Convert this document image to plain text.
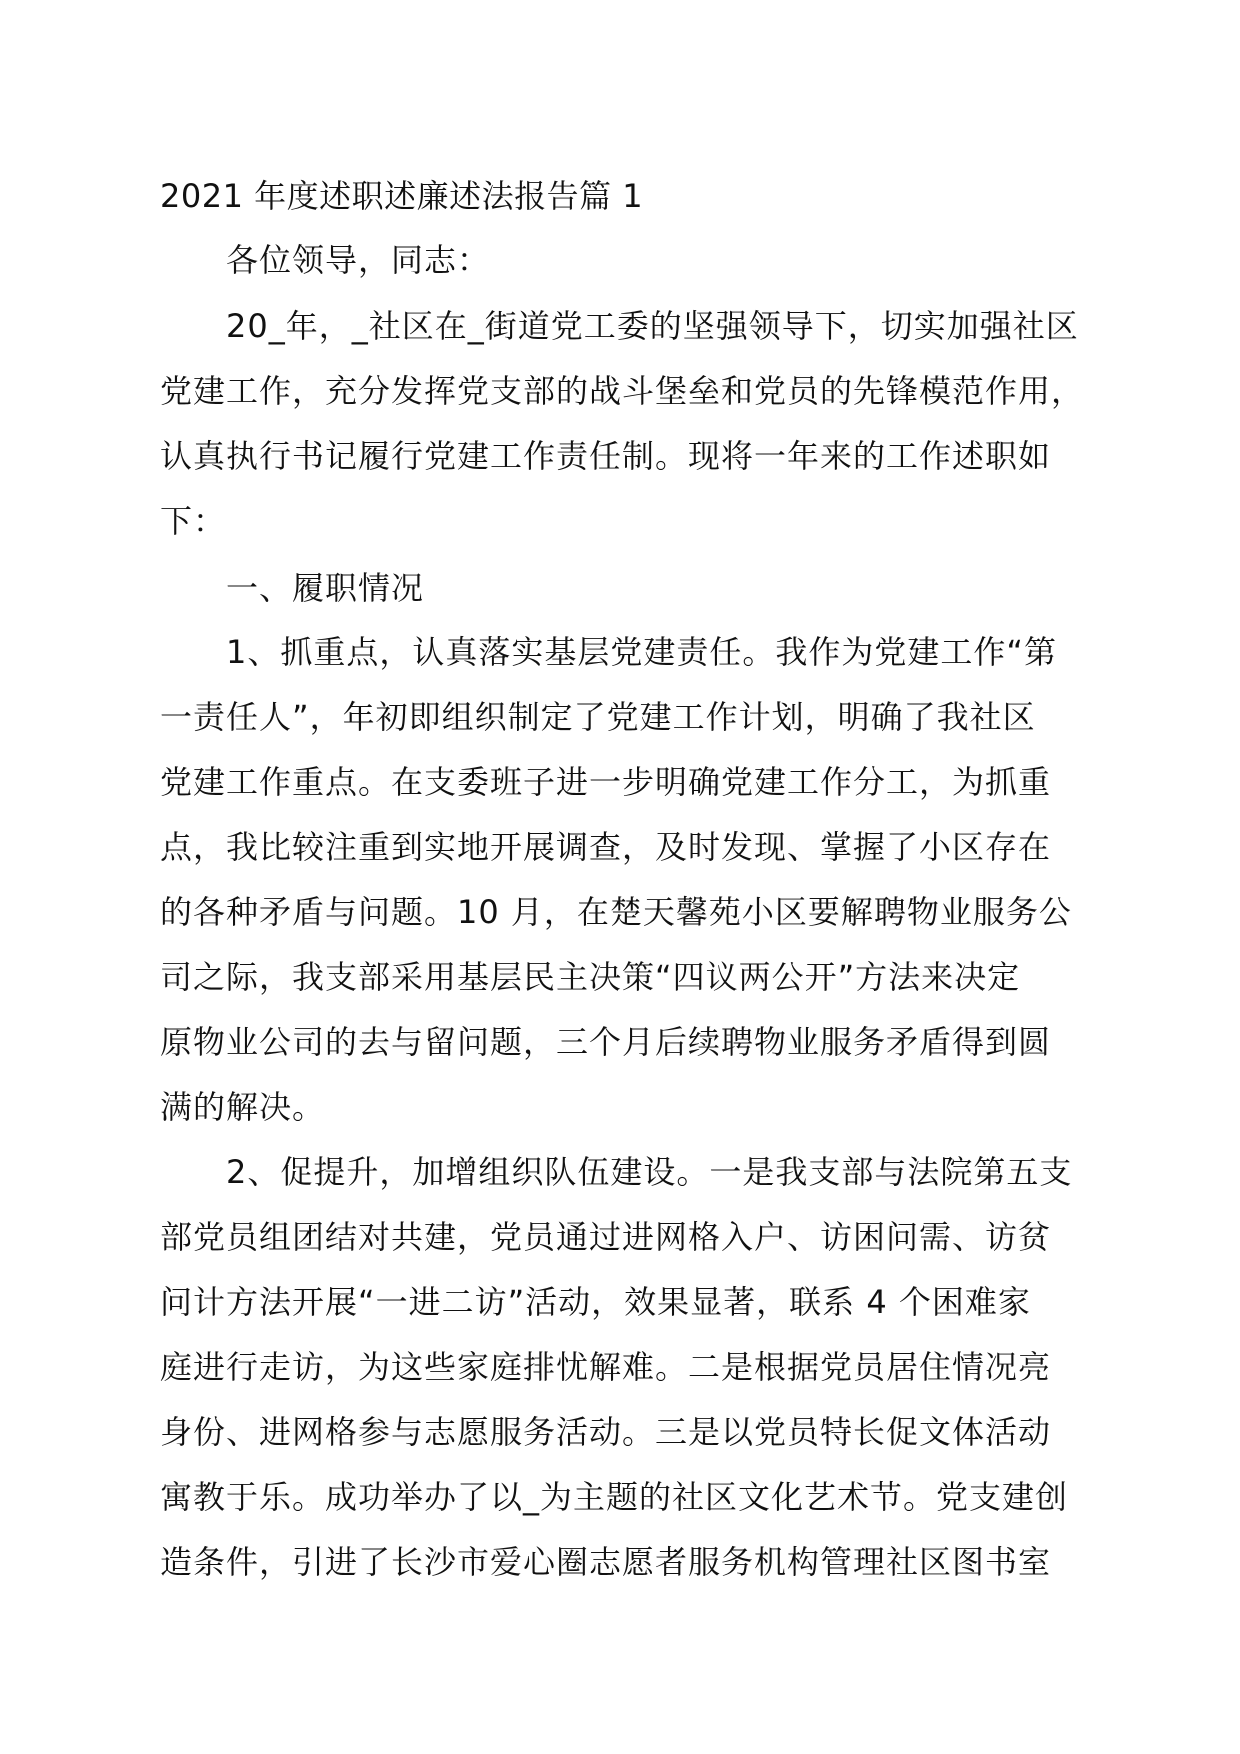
2021 年度述职述廉述法报告篇 1
各位领导，同志：
20_年，_社区在_街道党工委的坚强领导下，切实加强社区
党建工作，充分发挥党支部的战斗堡垒和党员的先锋模范作用，
认真执行书记履行党建工作责任制。现将一年来的工作述职如
下：
一、履职情况
1、抓重点，认真落实基层党建责任。我作为党建工作“第
一责任人”，年初即组织制定了党建工作计划，明确了我社区
党建工作重点。在支委班子进一步明确党建工作分工，为抓重
点，我比较注重到实地开展调查，及时发现、掌握了小区存在
的各种矛盾与问题。10 月，在楚天馨苑小区要解聘物业服务公
司之际，我支部采用基层民主决策“四议两公开”方法来决定
原物业公司的去与留问题，三个月后续聘物业服务矛盾得到圆
满的解决。
2、促提升，加增组织队伍建设。一是我支部与法院第五支
部党员组团结对共建，党员通过进网格入户、访困问需、访贫
问计方法开展“一进二访”活动，效果显著，联系 4 个困难家
庭进行走访，为这些家庭排忧解难。二是根据党员居住情况亮
身份、进网格参与志愿服务活动。三是以党员特长促文体活动
寓教于乐。成功举办了以_为主题的社区文化艺术节。党支建创
造条件，引进了长沙市爱心圈志愿者服务机构管理社区图书室
